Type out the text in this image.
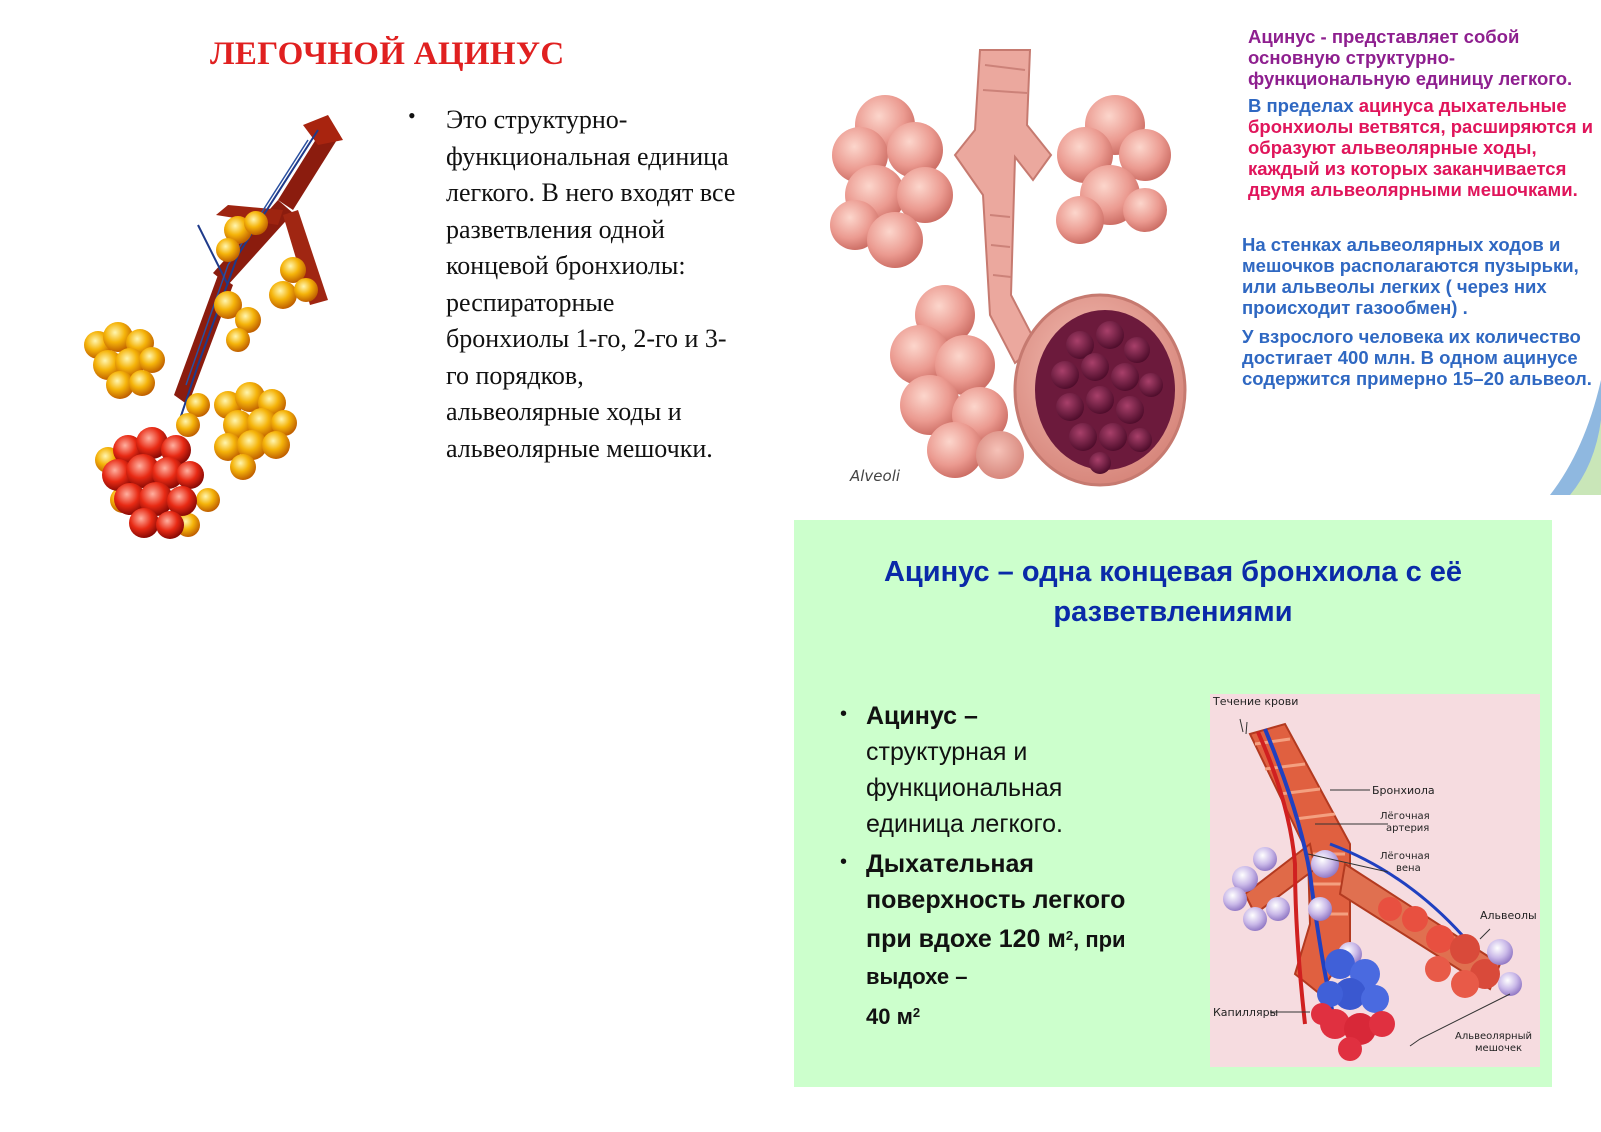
ЛЕГОЧНОЙ АЦИНУС
• Это структурно-функциональная единица легкого. В него входят все разветвления одной концевой бронхиолы: респираторные бронхиолы 1-го, 2-го и 3-го порядков, альвеолярные ходы и альвеолярные мешочки.
Alveoli

Ацинус - представляет собой основную структурно-функциональную единицу легкого.

В пределах ацинуса дыхательные бронхиолы ветвятся, расширяются и образуют альвеолярные ходы, каждый из которых заканчивается двумя альвеолярными мешочками.

На стенках альвеолярных ходов и мешочков располагаются пузырьки, или альвеолы легких ( через них происходит газообмен) .

У взрослого человека их количество достигает 400 млн. В одном ацинусе содержится примерно 15–20 альвеол.

Ацинус – одна концевая бронхиола с её разветвлениями
• Ацинус –
структурная и функциональная единица легкого.
• Дыхательная поверхность легкого при вдохе 120 $м^2$, при выдохе –
40 $м^2$
Течение крови
Бронхиола
Лёгочная
артерия
Лёгочная
вена
Альвеолы
Капилляры
Альвеолярный
мешочек
